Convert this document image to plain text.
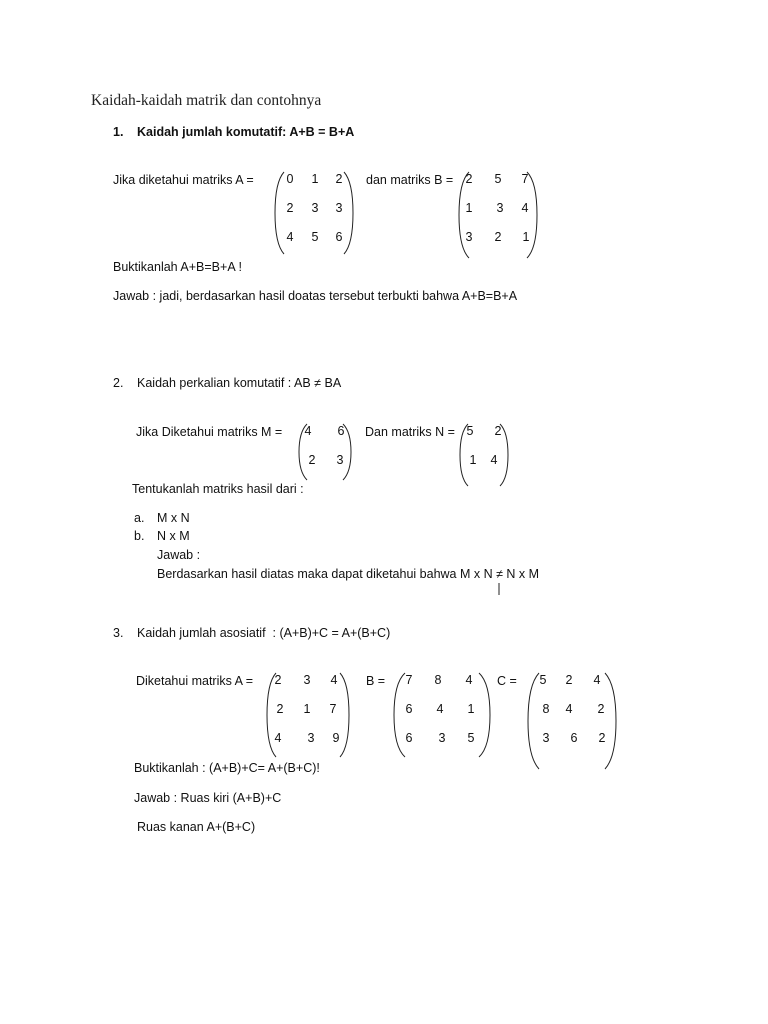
Kaidah-kaidah matrik dan contohnya
1. Kaidah jumlah komutatif: A+B = B+A
Jika diketahui matriks A =	0	1	2
2	3	3
4	5	6
dan matriks B = 2	5	7
1	3	4
3	2	1
Buktikanlah A+B=B+A !
Jawab : jadi, berdasarkan hasil doatas tersebut terbukti bahwa A+B=B+A
2. Kaidah perkalian komutatif : AB ≠ BA
Jika Diketahui matriks M =	4	6
2	3
Dan matriks N = 5	2
1	4
Tentukanlah matriks hasil dari :
a. M x N
b. N x M
Jawab :
Berdasarkan hasil diatas maka dapat diketahui bahwa M x N ≠ N x M
3. Kaidah jumlah asosiatif  : (A+B)+C = A+(B+C)
Diketahui matriks A =	2	3	4
2	1	7
4	3	9
B =	7	8	4
6	4	1
6	3	5
C =	5	2	4
8	4	2
3	6	2
Buktikanlah : (A+B)+C= A+(B+C)!
Jawab : Ruas kiri (A+B)+C
Ruas kanan A+(B+C)
